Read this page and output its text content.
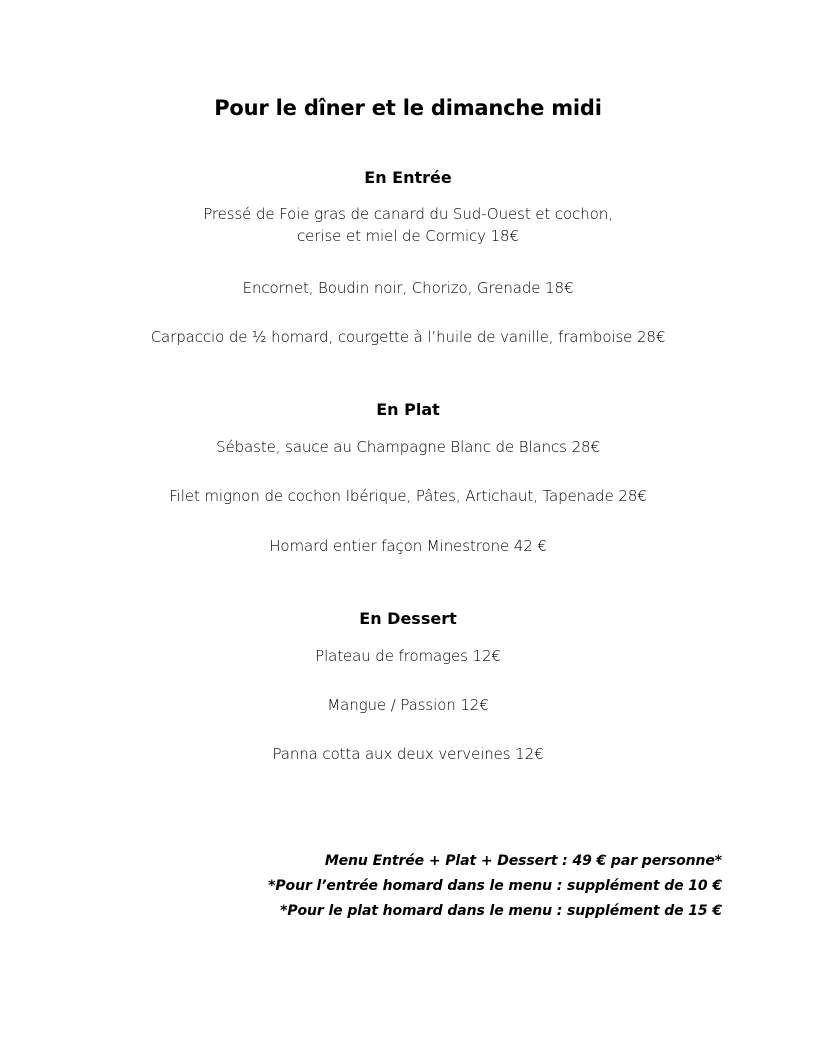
Pour le dîner et le dimanche midi
En Entrée
Pressé de Foie gras de canard du Sud-Ouest et cochon,
cerise et miel de Cormicy 18€
Encornet, Boudin noir, Chorizo, Grenade 18€
Carpaccio de ½ homard, courgette à l’huile de vanille, framboise 28€
En Plat
Sébaste, sauce au Champagne Blanc de Blancs 28€
Filet mignon de cochon Ibérique, Pâtes, Artichaut, Tapenade 28€
Homard entier façon Minestrone 42 €
En Dessert
Plateau de fromages 12€
Mangue / Passion 12€
Panna cotta aux deux verveines 12€
Menu Entrée + Plat + Dessert : 49 € par personne*
*Pour l’entrée homard dans le menu : supplément de 10 €
*Pour le plat homard dans le menu : supplément de 15 €
